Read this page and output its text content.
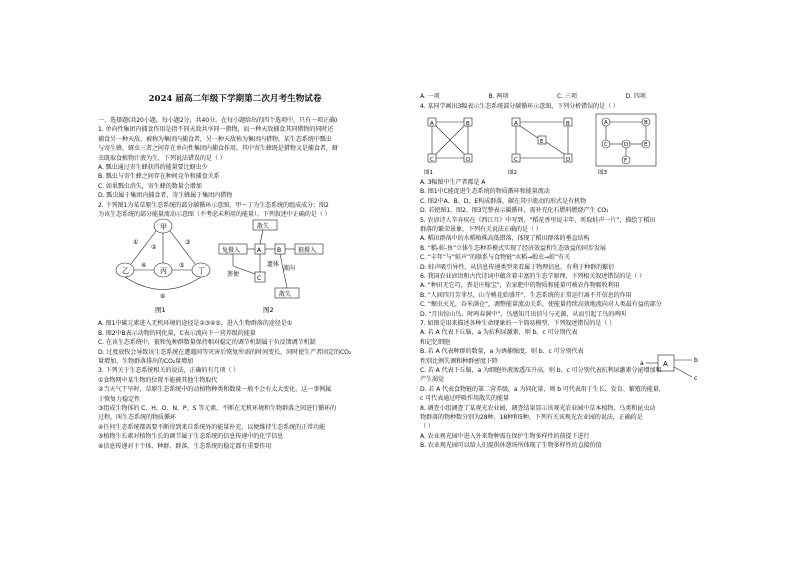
2024 届高二年级下学期第二次月考生物试卷
一、选择题(共20小题，每小题2分，共40分。在每小题给出的四个选项中，只有一项正确)
1. 单向性集团内捕食作用是指不同天敌共享同一猎物，而一种天敌捕食其同猎物的同时还
捕食另一种天敌，被称为集团内捕食者，另一种天敌称为集团内猎物。某生态系统中瓢虫
与寄生蜂、蚜虫三者之间存在单向性集团内捕食作用。其中寄生蜂既是猎物又是捕食者，蚜
虫既取食植物汁液为生，下列说法错误的是（ ）
A. 瓢虫通过寄生蜂获得的能量要比蚜虫少
B. 瓢虫与寄生蜂之间存在种间竞争和捕食关系
C. 如果瓢虫消失，寄生蜂的数量会增加
D. 瓢虫属于集团内捕食者，寄生蜂属于集团内猎物
2. 下列图1为某草原生态系统的部分碳循环示意图，甲～丁为生态系统的组成成分；图2
为该生态系统的部分能量流动示意图（不考虑未利用的能量）。下列叙述中正确的是（ ）
A. 图1中碳元素进入无机环境的途径是②③④⑤，进入生物群落的途径是①
B. 图2中B表示动物的同化量，C表示流向下一营养级的能量
C. 在该生态系统中，狼和兔种群数量保持相对稳定的调节机制属于负反馈调节机制
D. 过度放牧会导致该生态系统在遭遇同等灾害后恢复所需的时间变长，同时使生产者固定的CO₂
量增加，生物群落排出的CO₂量增加
3. 下列关于生态系统相关的说法，正确的有几项（ ）
①食物网中某生物的位置不能被其他生物取代
②当天气干旱时，草原生态系统中的动植物种类和数量一般不会有太大变化，这一事例属
于恢复力稳定性
③组成生物体的 C、H、O、N、P、S 等元素，不断在无机环境和生物群落之间进行循环的
过程，叫生态系统的物质循环
④任何生态系统都需要不断得到来自系统外的能量补充，以便维持生态系统的正常功能
⑤植物生长素对植物生长的调节属于生态系统的信息传递中的化学信息
⑥信息传递对于个体、种群、群落、生态系统的稳定都有重要作用
甲
乙	丙	丁
①
②
③
④	⑤
⑥
图1
散失
兔摄入	A	B	狼摄入
遗体
C
粪便
流向
散失
图2
A. 一项	B. 两项	C. 三项	D. 四项
4. 某同学画出3幅表示生态系统部分碳循环示意图，下列分析错误的是（ ）
A. 3幅图中生产者都是 A
B. 图1中C能促进生态系统的物质循环和能量流动
C. 图2中A、B、D、E构成群落，碳在其中流动的形式是有机物
D. 若使图1、图2、图3完整表示碳循环，需补充化石燃料燃烧产生 CO₂
5. 农谚诗人辛弃疾在《西江月》中写到，“稻花香里说丰年，听取蛙声一片”，描绘了稻田
群落的繁荣景象，下列有关说法正确的是（ ）
A. 稻田群落中的水稻植株高低错落，体现了稻田群落的垂直结构
B. “稻-蛙-鱼”立体生态种养模式实现了经济效益和生态效益的同步发展
C. “丰年”与“蛙声”的联系与食物链“水稻→蝗虫→蛙”有关
D. 蛙声吸引异性，从信息传递类型来看属于物理信息，有利于种群的繁衍
6. 我国农业谚语和古代诗词中蕴含着丰富的生态学原理，下列相关叙述错误的是（ ）
A. “种田无它巧，粪是庄稼宝”，农家肥中的物质和能量可被农作物吸收利用
B. “人间四月芳菲尽，山寺桃花始盛开”，生态系统的正常运行离不开信息的作用
C. “螟虫灭光，谷米满仓”，调整能量流动关系，使能量持续高效地流向对人类最有益的部分
D. “月出惊山鸟，时鸣春涧中”，鸟感知月出信号与光源，从而引起了鸟的鸣叫
7. 如图是用来描述各种生命现象的一个简易模型，下列叙述错误的是（ ）
A. 若 A 代表下丘脑，a 为抗利尿激素，则 b、c 可分别代表
和记忆细胞
B. 若 A 代表种群的数量，a 为诱捕强度，则 b、c 可分别代表
性别比例失调和种群密度下降
C. 若 A 代表下丘脑，a 为细胞外液渗透压升高，则 b、c 可分别代表抗利尿激素分泌增加和
产生渴觉
D. 若 A 代表食物链的第二营养级，a 为同化量，则 b 可代表用于生长、发育、繁殖的能量，
c 可代表通过呼吸作用散失的能量
8. 调查小组调查了某观光农业园，调查结果显示该观光农业园中草本植物、乌类和昆虫动
物群落的物种数分别为28种、18种和5种，下列有关该观光农业园的说法，正确的是
（ ）
A. 农业观光园中进入外来物种需在保护生物多样性的前提下进行
B. 农业观光园可以给人们提供休憩场所体现了生物多样性的直接价值
A	B
C	D
图1
A	B
C	D
E
图2
A	B
C	D	E
F
图3
a	A	b
c
